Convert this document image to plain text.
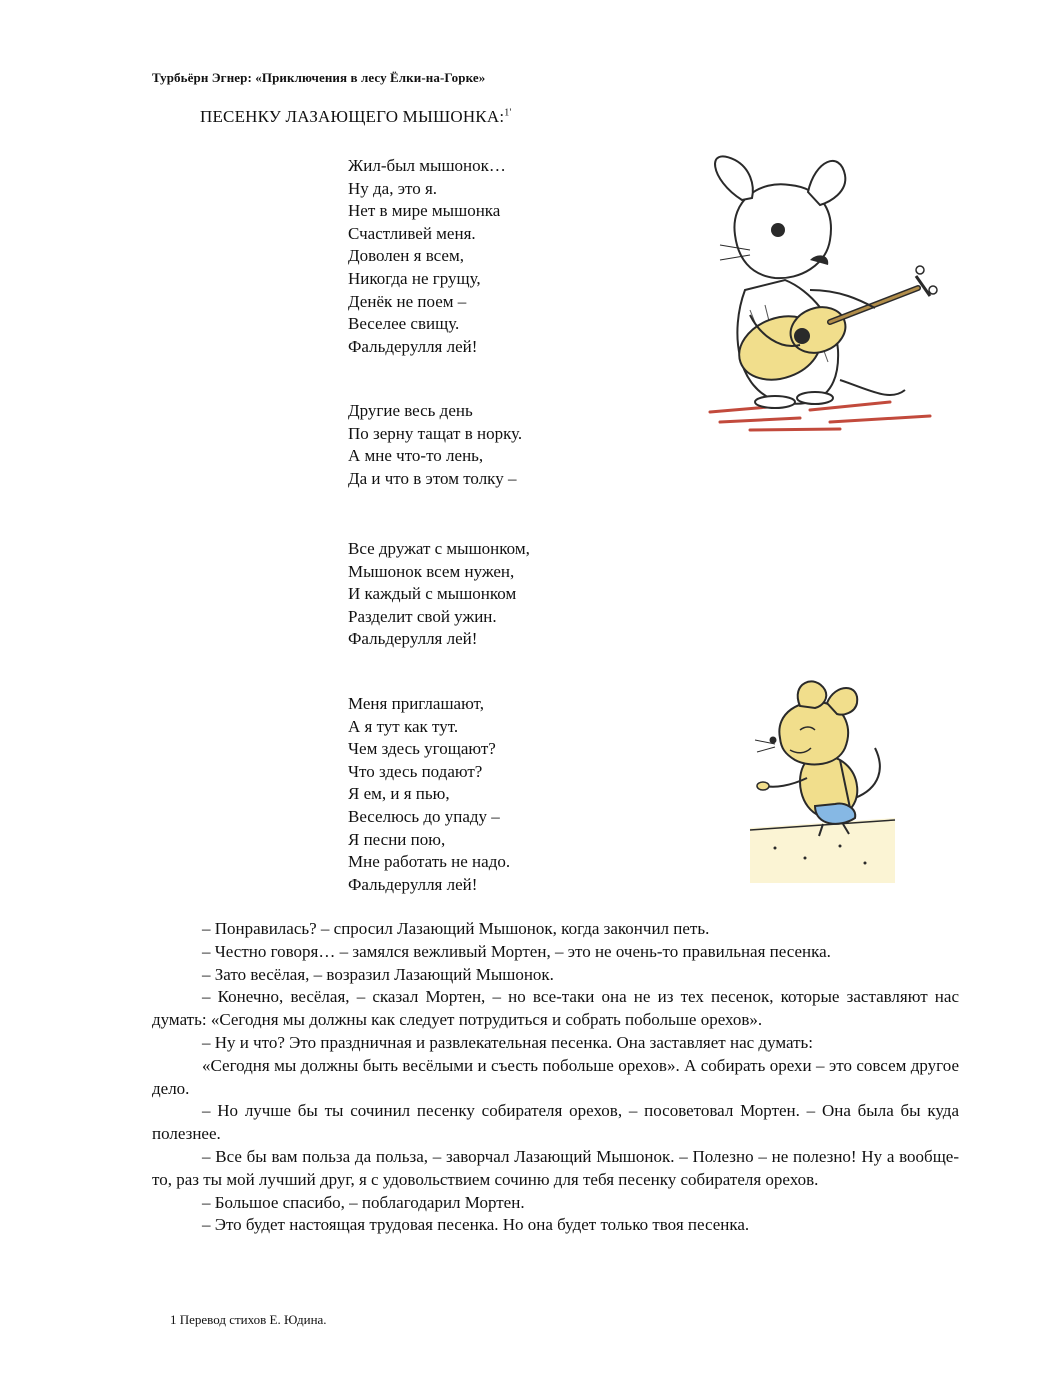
Турбьёрн Эгнер: «Приключения в лесу Ёлки-на-Горке»
ПЕСЕНКУ ЛАЗАЮЩЕГО МЫШОНКА:$^{1'}$
Жил-был мышонок…
Ну да, это я.
Нет в мире мышонка
Счастливей меня.
Доволен я всем,
Никогда не грущу,
Денёк не поем –
Веселее свищу.
Фальдерулля лей!
Другие весь день
По зерну тащат в норку.
А мне что-то лень,
Да и что в этом толку –
Все дружат с мышонком,
Мышонок всем нужен,
И каждый с мышонком
Разделит свой ужин.
Фальдерулля лей!
Меня приглашают,
А я тут как тут.
Чем здесь угощают?
Что здесь подают?
Я ем, и я пью,
Веселюсь до упаду –
Я песни пою,
Мне работать не надо.
Фальдерулля лей!

– Понравилась? – спросил Лазающий Мышонок, когда закончил петь.

– Честно говоря… – замялся вежливый Мортен, – это не очень-то правильная песенка.

– Зато весёлая, – возразил Лазающий Мышонок.

– Конечно, весёлая, – сказал Мортен, – но все-таки она не из тех песенок, которые заставляют нас думать: «Сегодня мы должны как следует потрудиться и собрать побольше орехов».

– Ну и что? Это праздничная и развлекательная песенка. Она заставляет нас думать:

«Сегодня мы должны быть весёлыми и съесть побольше орехов». А собирать орехи – это совсем другое дело.

– Но лучше бы ты сочинил песенку собирателя орехов, – посоветовал Мортен. – Она была бы куда полезнее.

– Все бы вам польза да польза, – заворчал Лазающий Мышонок. – Полезно – не полезно! Ну а вообще-то, раз ты мой лучший друг, я с удовольствием сочиню для тебя песенку собирателя орехов.

– Большое спасибо, – поблагодарил Мортен.

– Это будет настоящая трудовая песенка. Но она будет только твоя песенка.

1 Перевод стихов Е. Юдина.
